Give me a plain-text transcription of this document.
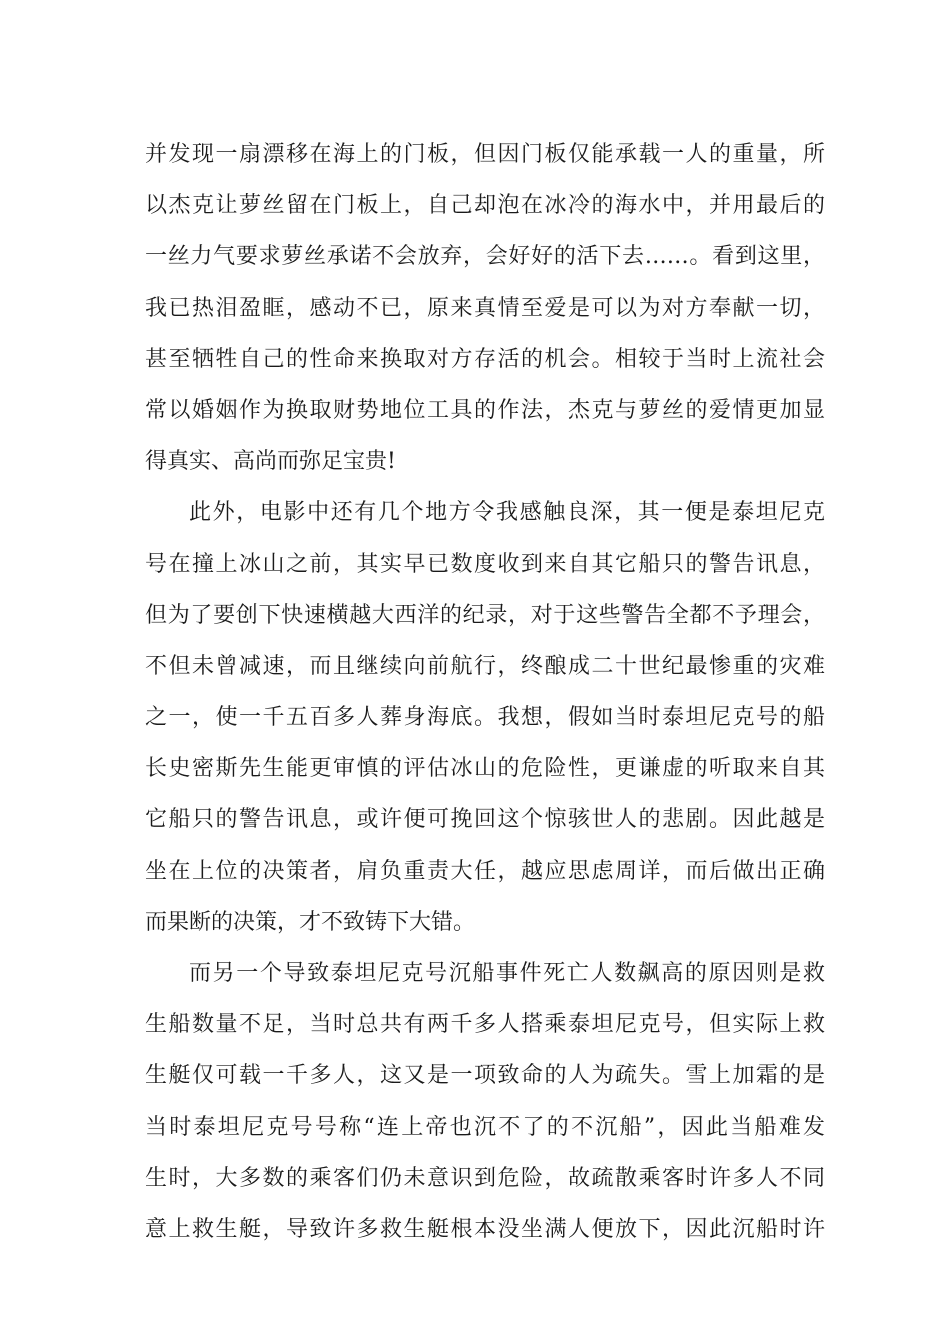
并发现一扇漂移在海上的门板，但因门板仅能承载一人的重量，所
以杰克让萝丝留在门板上，自己却泡在冰冷的海水中，并用最后的
一丝力气要求萝丝承诺不会放弃，会好好的活下去……。看到这里，
我已热泪盈眶，感动不已，原来真情至爱是可以为对方奉献一切，
甚至牺牲自己的性命来换取对方存活的机会。相较于当时上流社会
常以婚姻作为换取财势地位工具的作法，杰克与萝丝的爱情更加显
得真实、高尚而弥足宝贵!
此外，电影中还有几个地方令我感触良深，其一便是泰坦尼克
号在撞上冰山之前，其实早已数度收到来自其它船只的警告讯息，
但为了要创下快速横越大西洋的纪录，对于这些警告全都不予理会，
不但未曾减速，而且继续向前航行，终酿成二十世纪最惨重的灾难
之一，使一千五百多人葬身海底。我想，假如当时泰坦尼克号的船
长史密斯先生能更审慎的评估冰山的危险性，更谦虚的听取来自其
它船只的警告讯息，或许便可挽回这个惊骇世人的悲剧。因此越是
坐在上位的决策者，肩负重责大任，越应思虑周详，而后做出正确
而果断的决策，才不致铸下大错。
而另一个导致泰坦尼克号沉船事件死亡人数飙高的原因则是救
生船数量不足，当时总共有两千多人搭乘泰坦尼克号，但实际上救
生艇仅可载一千多人，这又是一项致命的人为疏失。雪上加霜的是
当时泰坦尼克号号称“连上帝也沉不了的不沉船”，因此当船难发
生时，大多数的乘客们仍未意识到危险，故疏散乘客时许多人不同
意上救生艇，导致许多救生艇根本没坐满人便放下，因此沉船时许
